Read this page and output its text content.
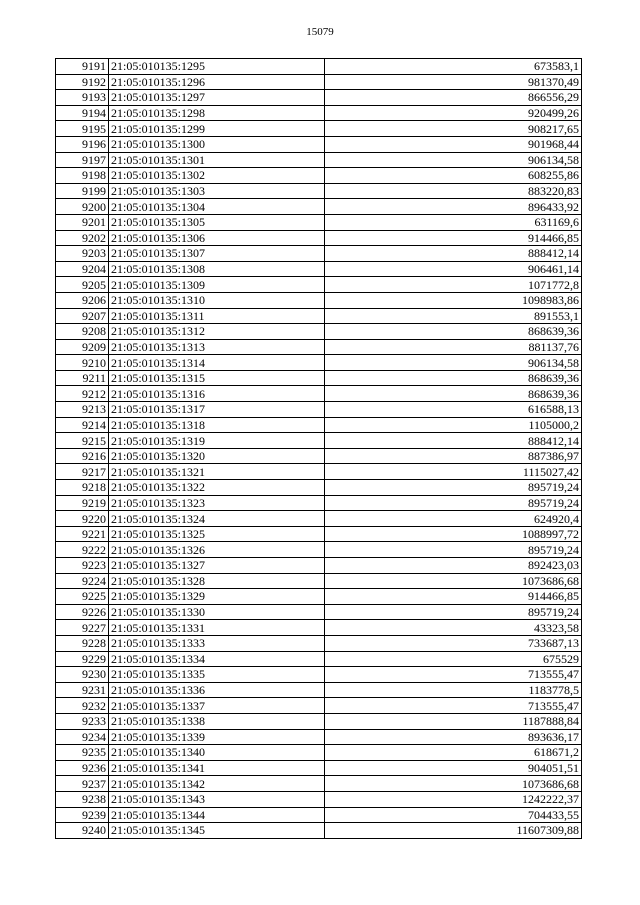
15079
9191	21:05:010135:1295	673583,1
9192	21:05:010135:1296	981370,49
9193	21:05:010135:1297	866556,29
9194	21:05:010135:1298	920499,26
9195	21:05:010135:1299	908217,65
9196	21:05:010135:1300	901968,44
9197	21:05:010135:1301	906134,58
9198	21:05:010135:1302	608255,86
9199	21:05:010135:1303	883220,83
9200	21:05:010135:1304	896433,92
9201	21:05:010135:1305	631169,6
9202	21:05:010135:1306	914466,85
9203	21:05:010135:1307	888412,14
9204	21:05:010135:1308	906461,14
9205	21:05:010135:1309	1071772,8
9206	21:05:010135:1310	1098983,86
9207	21:05:010135:1311	891553,1
9208	21:05:010135:1312	868639,36
9209	21:05:010135:1313	881137,76
9210	21:05:010135:1314	906134,58
9211	21:05:010135:1315	868639,36
9212	21:05:010135:1316	868639,36
9213	21:05:010135:1317	616588,13
9214	21:05:010135:1318	1105000,2
9215	21:05:010135:1319	888412,14
9216	21:05:010135:1320	887386,97
9217	21:05:010135:1321	1115027,42
9218	21:05:010135:1322	895719,24
9219	21:05:010135:1323	895719,24
9220	21:05:010135:1324	624920,4
9221	21:05:010135:1325	1088997,72
9222	21:05:010135:1326	895719,24
9223	21:05:010135:1327	892423,03
9224	21:05:010135:1328	1073686,68
9225	21:05:010135:1329	914466,85
9226	21:05:010135:1330	895719,24
9227	21:05:010135:1331	43323,58
9228	21:05:010135:1333	733687,13
9229	21:05:010135:1334	675529
9230	21:05:010135:1335	713555,47
9231	21:05:010135:1336	1183778,5
9232	21:05:010135:1337	713555,47
9233	21:05:010135:1338	1187888,84
9234	21:05:010135:1339	893636,17
9235	21:05:010135:1340	618671,2
9236	21:05:010135:1341	904051,51
9237	21:05:010135:1342	1073686,68
9238	21:05:010135:1343	1242222,37
9239	21:05:010135:1344	704433,55
9240	21:05:010135:1345	11607309,88
